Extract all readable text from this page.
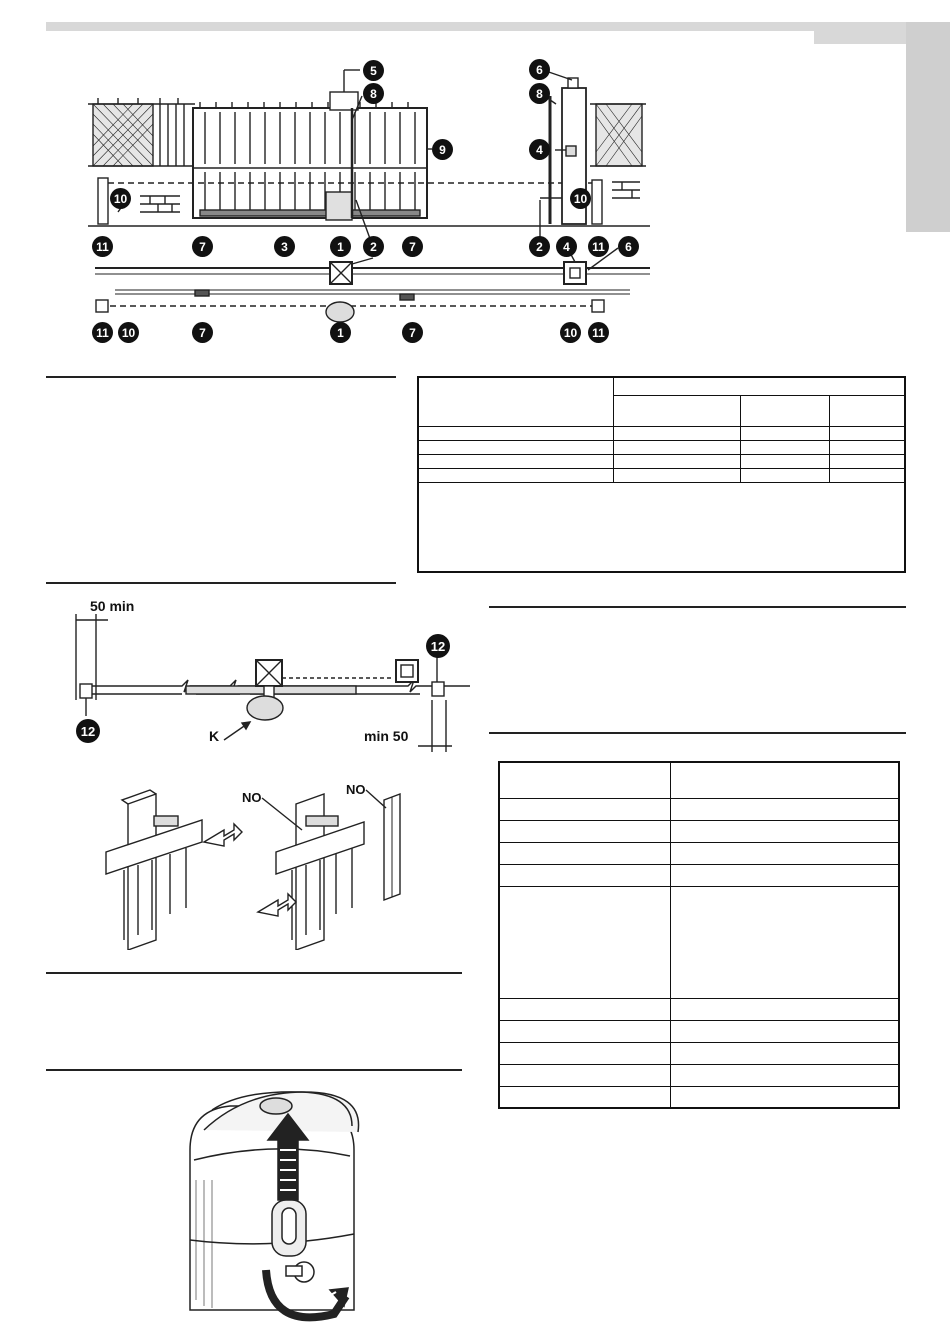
5
8
9
10
11	7	3	1	2	7
6
8
4
10
2	4	11	6
11	10	7	1	7	10	11

50 min
min 50
K
12
12
NO
NO
